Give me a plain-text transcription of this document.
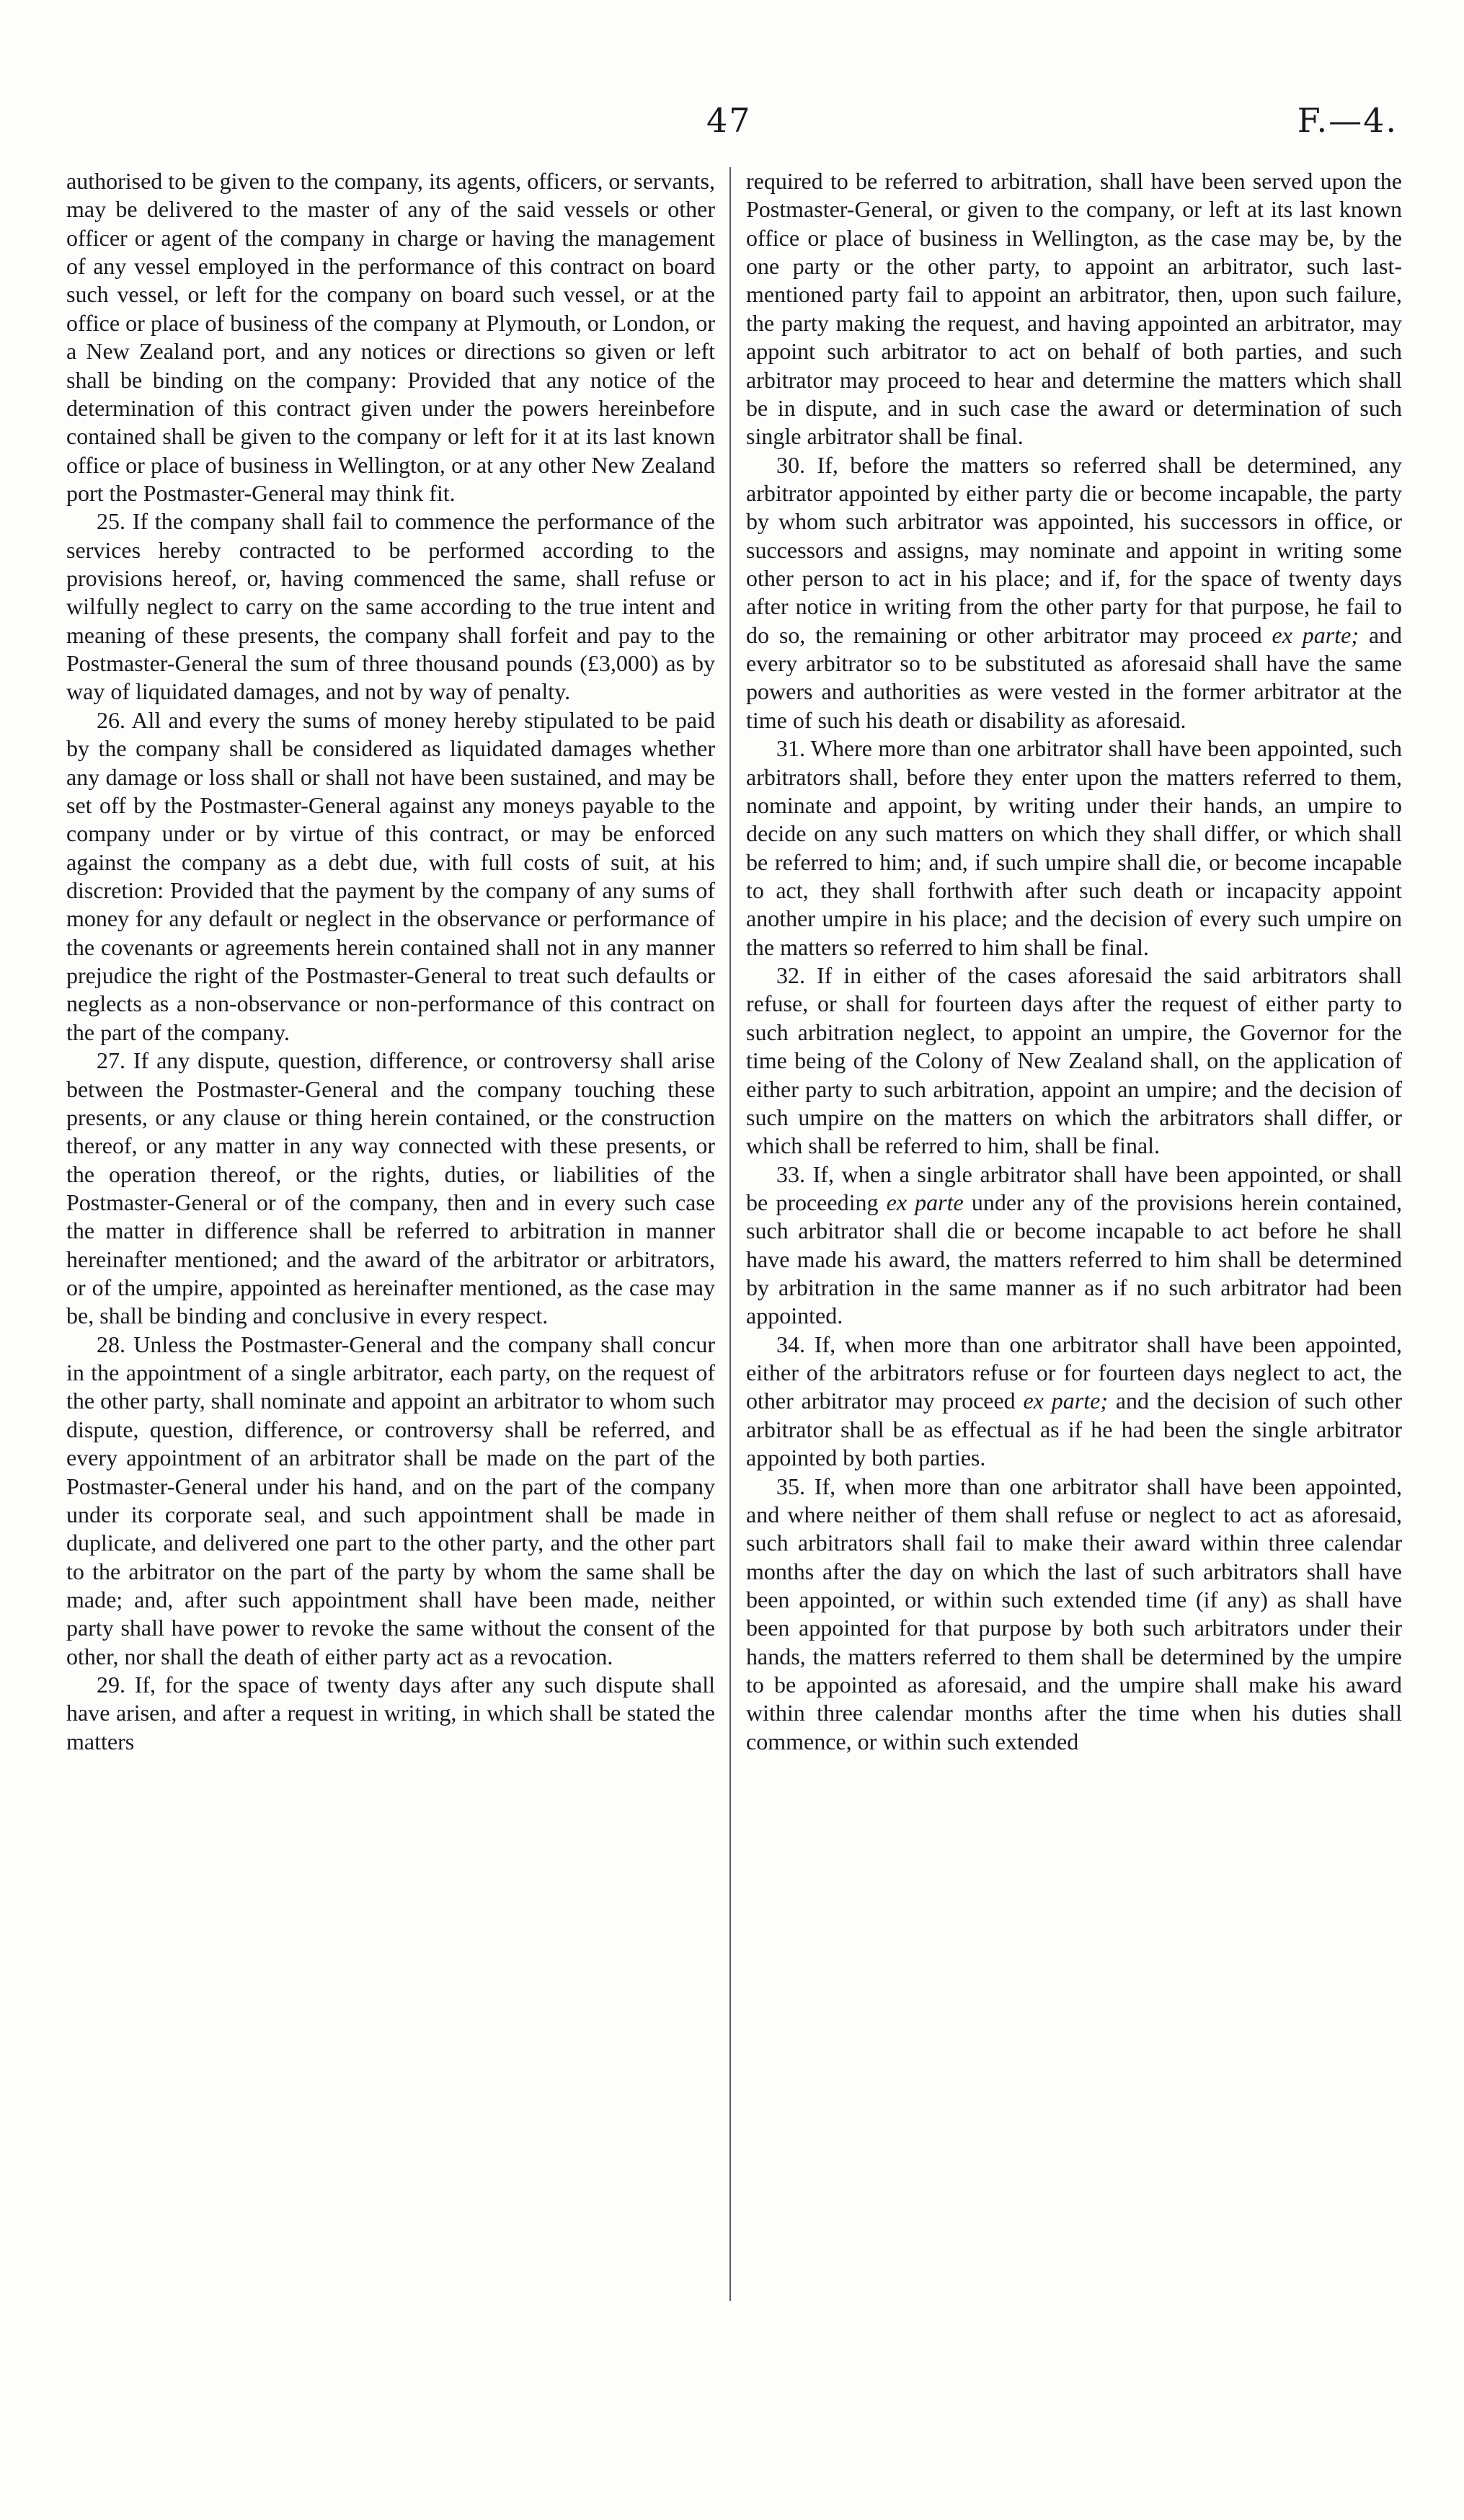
47	F.—4.

authorised to be given to the company, its agents, officers, or servants, may be delivered to the master of any of the said vessels or other officer or agent of the company in charge or having the management of any vessel employed in the performance of this contract on board such vessel, or left for the company on board such vessel, or at the office or place of business of the company at Plymouth, or London, or a New Zealand port, and any notices or directions so given or left shall be binding on the company: Provided that any notice of the determination of this contract given under the powers hereinbefore contained shall be given to the company or left for it at its last known office or place of business in Wellington, or at any other New Zealand port the Postmaster-General may think fit.

25. If the company shall fail to commence the performance of the services hereby contracted to be performed according to the provisions hereof, or, having commenced the same, shall refuse or wilfully neglect to carry on the same according to the true intent and meaning of these presents, the company shall forfeit and pay to the Postmaster-General the sum of three thousand pounds (£3,000) as by way of liquidated damages, and not by way of penalty.

26. All and every the sums of money hereby stipulated to be paid by the company shall be considered as liquidated damages whether any damage or loss shall or shall not have been sustained, and may be set off by the Postmaster-General against any moneys payable to the company under or by virtue of this contract, or may be enforced against the company as a debt due, with full costs of suit, at his discretion: Provided that the payment by the company of any sums of money for any default or neglect in the observance or performance of the covenants or agreements herein contained shall not in any manner prejudice the right of the Postmaster-General to treat such defaults or neglects as a non-observance or non-performance of this contract on the part of the company.

27. If any dispute, question, difference, or controversy shall arise between the Postmaster-General and the company touching these presents, or any clause or thing herein contained, or the construction thereof, or any matter in any way connected with these presents, or the operation thereof, or the rights, duties, or liabilities of the Postmaster-General or of the company, then and in every such case the matter in difference shall be referred to arbitration in manner hereinafter mentioned; and the award of the arbitrator or arbitrators, or of the umpire, appointed as hereinafter mentioned, as the case may be, shall be binding and conclusive in every respect.

28. Unless the Postmaster-General and the company shall concur in the appointment of a single arbitrator, each party, on the request of the other party, shall nominate and appoint an arbitrator to whom such dispute, question, difference, or controversy shall be referred, and every appointment of an arbitrator shall be made on the part of the Postmaster-General under his hand, and on the part of the company under its corporate seal, and such appointment shall be made in duplicate, and delivered one part to the other party, and the other part to the arbitrator on the part of the party by whom the same shall be made; and, after such appointment shall have been made, neither party shall have power to revoke the same without the consent of the other, nor shall the death of either party act as a revocation.

29. If, for the space of twenty days after any such dispute shall have arisen, and after a request in writing, in which shall be stated the matters

required to be referred to arbitration, shall have been served upon the Postmaster-General, or given to the company, or left at its last known office or place of business in Wellington, as the case may be, by the one party or the other party, to appoint an arbitrator, such last-mentioned party fail to appoint an arbitrator, then, upon such failure, the party making the request, and having appointed an arbitrator, may appoint such arbitrator to act on behalf of both parties, and such arbitrator may proceed to hear and determine the matters which shall be in dispute, and in such case the award or determination of such single arbitrator shall be final.

30. If, before the matters so referred shall be determined, any arbitrator appointed by either party die or become incapable, the party by whom such arbitrator was appointed, his successors in office, or successors and assigns, may nominate and appoint in writing some other person to act in his place; and if, for the space of twenty days after notice in writing from the other party for that purpose, he fail to do so, the remaining or other arbitrator may proceed ex parte; and every arbitrator so to be substituted as aforesaid shall have the same powers and authorities as were vested in the former arbitrator at the time of such his death or disability as aforesaid.

31. Where more than one arbitrator shall have been appointed, such arbitrators shall, before they enter upon the matters referred to them, nominate and appoint, by writing under their hands, an umpire to decide on any such matters on which they shall differ, or which shall be referred to him; and, if such umpire shall die, or become incapable to act, they shall forthwith after such death or incapacity appoint another umpire in his place; and the decision of every such umpire on the matters so referred to him shall be final.

32. If in either of the cases aforesaid the said arbitrators shall refuse, or shall for fourteen days after the request of either party to such arbitration neglect, to appoint an umpire, the Governor for the time being of the Colony of New Zealand shall, on the application of either party to such arbitration, appoint an umpire; and the decision of such umpire on the matters on which the arbitrators shall differ, or which shall be referred to him, shall be final.

33. If, when a single arbitrator shall have been appointed, or shall be proceeding ex parte under any of the provisions herein contained, such arbitrator shall die or become incapable to act before he shall have made his award, the matters referred to him shall be determined by arbitration in the same manner as if no such arbitrator had been appointed.

34. If, when more than one arbitrator shall have been appointed, either of the arbitrators refuse or for fourteen days neglect to act, the other arbitrator may proceed ex parte; and the decision of such other arbitrator shall be as effectual as if he had been the single arbitrator appointed by both parties.

35. If, when more than one arbitrator shall have been appointed, and where neither of them shall refuse or neglect to act as aforesaid, such arbitrators shall fail to make their award within three calendar months after the day on which the last of such arbitrators shall have been appointed, or within such extended time (if any) as shall have been appointed for that purpose by both such arbitrators under their hands, the matters referred to them shall be determined by the umpire to be appointed as aforesaid, and the umpire shall make his award within three calendar months after the time when his duties shall commence, or within such extended
